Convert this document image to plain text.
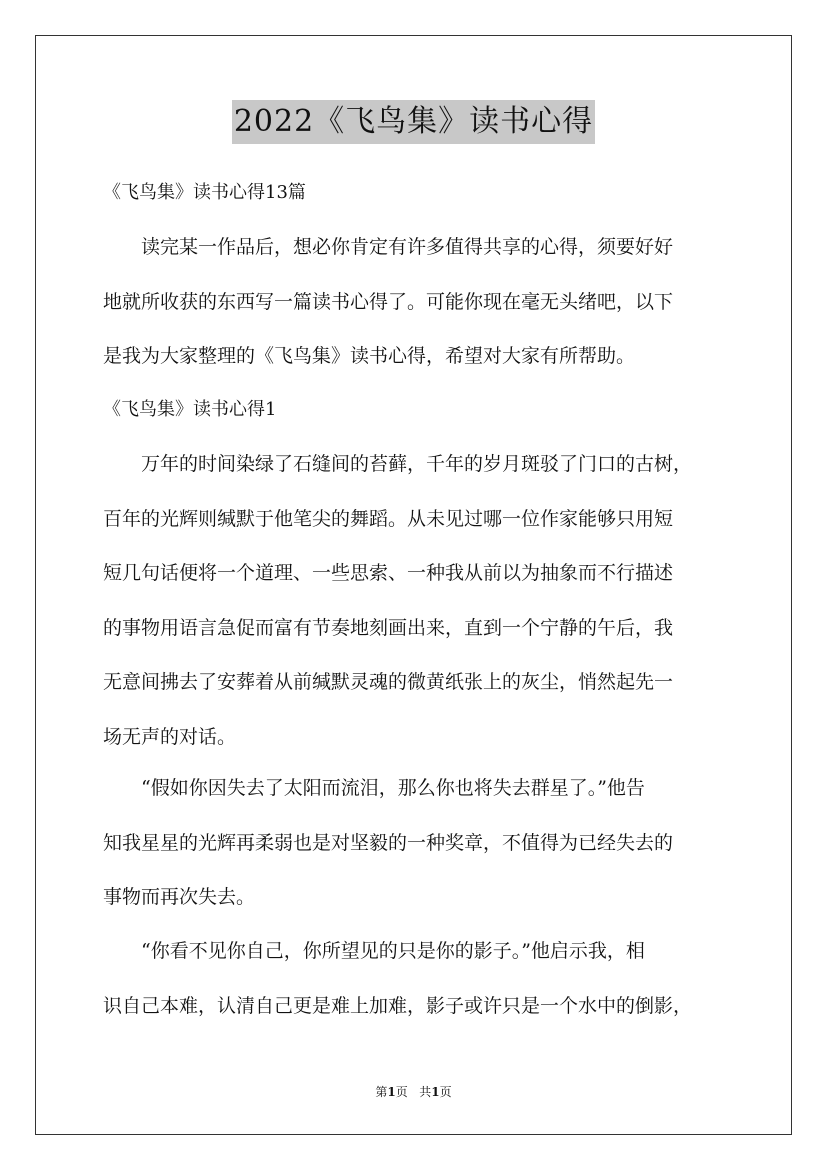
2022《飞鸟集》读书心得
《飞鸟集》读书心得13篇
读完某一作品后，想必你肯定有许多值得共享的心得，须要好好
地就所收获的东西写一篇读书心得了。可能你现在毫无头绪吧，以下
是我为大家整理的《飞鸟集》读书心得，希望对大家有所帮助。
《飞鸟集》读书心得1
万年的时间染绿了石缝间的苔藓，千年的岁月斑驳了门口的古树，
百年的光辉则缄默于他笔尖的舞蹈。从未见过哪一位作家能够只用短
短几句话便将一个道理、一些思索、一种我从前以为抽象而不行描述
的事物用语言急促而富有节奏地刻画出来，直到一个宁静的午后，我
无意间拂去了安葬着从前缄默灵魂的微黄纸张上的灰尘，悄然起先一
场无声的对话。
“假如你因失去了太阳而流泪，那么你也将失去群星了。”他告
知我星星的光辉再柔弱也是对坚毅的一种奖章，不值得为已经失去的
事物而再次失去。
“你看不见你自己，你所望见的只是你的影子。”他启示我，相
识自己本难，认清自己更是难上加难，影子或许只是一个水中的倒影，
第1页 共1页
